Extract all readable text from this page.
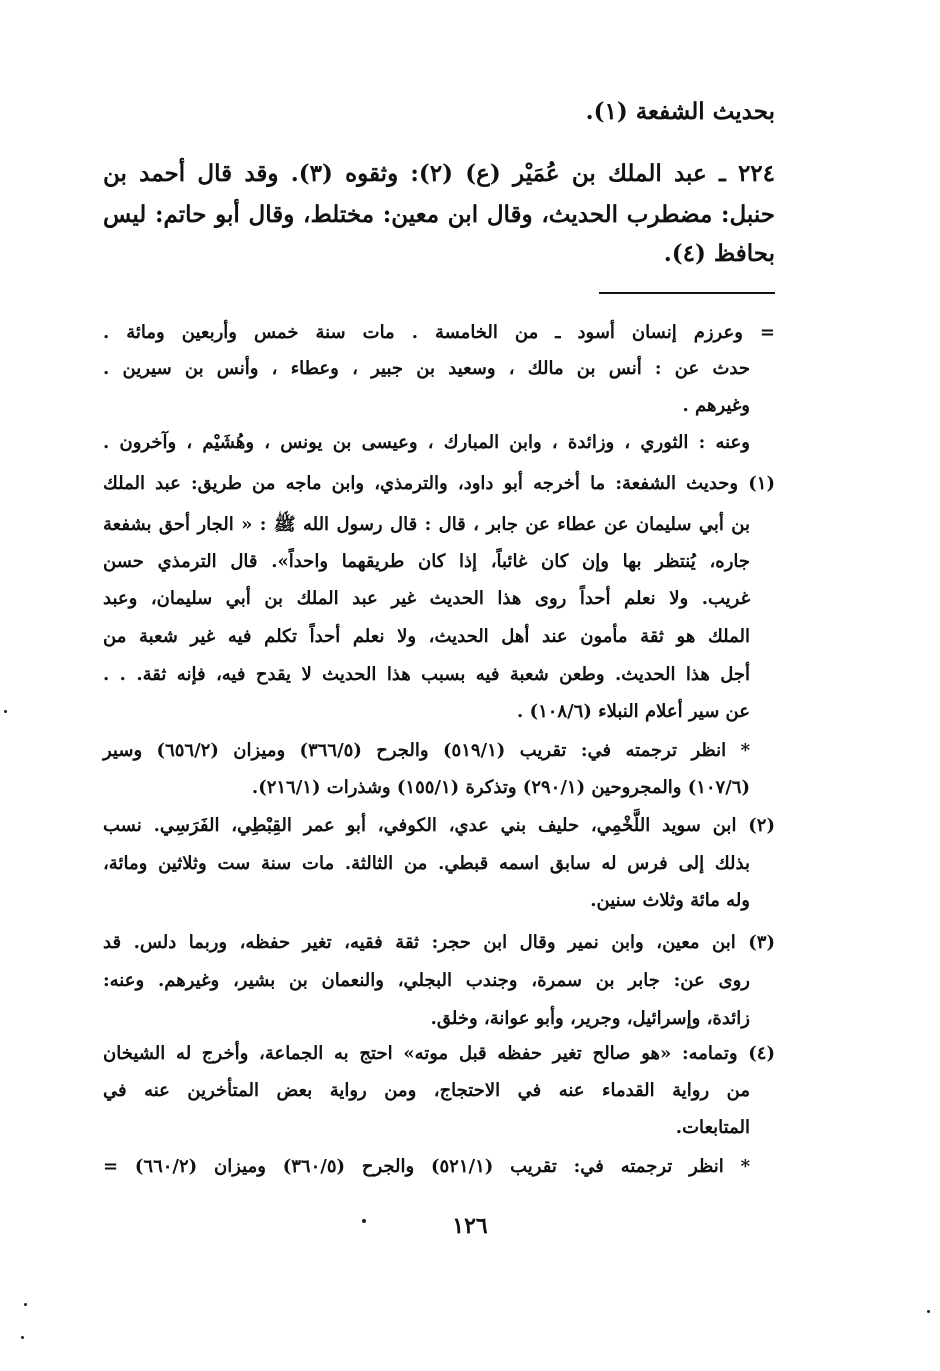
بحديث الشفعة (١).
٢٢٤ ـ عبد الملك بن عُمَيْر (ع) (٢): وثقوه (٣). وقد قال أحمد بن
حنبل: مضطرب الحديث، وقال ابن معين: مختلط، وقال أبو حاتم: ليس
بحافظ (٤).
= وعرزم إنسان أسود ـ من الخامسة . مات سنة خمس وأربعين ومائة .
حدث عن : أنس بن مالك ، وسعيد بن جبير ، وعطاء ، وأنس بن سيرين .
وغيرهم .
وعنه : الثوري ، وزائدة ، وابن المبارك ، وعيسى بن يونس ، وهُشَيْم ، وآخرون .
(١) وحديث الشفعة: ما أخرجه أبو داود، والترمذي، وابن ماجه من طريق: عبد الملك
بن أبي سليمان عن عطاء عن جابر ، قال : قال رسول الله ﷺ : « الجار أحق بشفعة
جاره، يُنتظر بها وإن كان غائباً، إذا كان طريقهما واحداً». قال الترمذي حسن
غريب. ولا نعلم أحداً روى هذا الحديث غير عبد الملك بن أبي سليمان، وعبد
الملك هو ثقة مأمون عند أهل الحديث، ولا نعلم أحداً تكلم فيه غير شعبة من
أجل هذا الحديث. وطعن شعبة فيه بسبب هذا الحديث لا يقدح فيه، فإنه ثقة. . .
عن سير أعلام النبلاء (١٠٨/٦) .
* انظر ترجمته في: تقريب (٥١٩/١) والجرح (٣٦٦/٥) وميزان (٦٥٦/٢) وسير
(١٠٧/٦) والمجروحين (٢٩٠/١) وتذكرة (١٥٥/١) وشذرات (٢١٦/١).
(٢) ابن سويد اللَّخْمِي، حليف بني عدي، الكوفي، أبو عمر القِبْطِي، الفَرَسِي. نسب
بذلك إلى فرس له سابق اسمه قبطي. من الثالثة. مات سنة ست وثلاثين ومائة،
وله مائة وثلاث سنين.
(٣) ابن معين، وابن نمير وقال ابن حجر: ثقة فقيه، تغير حفظه، وربما دلس. قد
روى عن: جابر بن سمرة، وجندب البجلي، والنعمان بن بشير، وغيرهم. وعنه:
زائدة، وإسرائيل، وجرير، وأبو عوانة، وخلق.
(٤) وتمامه: «هو صالح تغير حفظه قبل موته» احتج به الجماعة، وأخرج له الشيخان
من رواية القدماء عنه في الاحتجاج، ومن رواية بعض المتأخرين عنه في
المتابعات.
* انظر ترجمته في: تقريب (٥٢١/١) والجرح (٣٦٠/٥) وميزان (٦٦٠/٢) =
١٢٦
